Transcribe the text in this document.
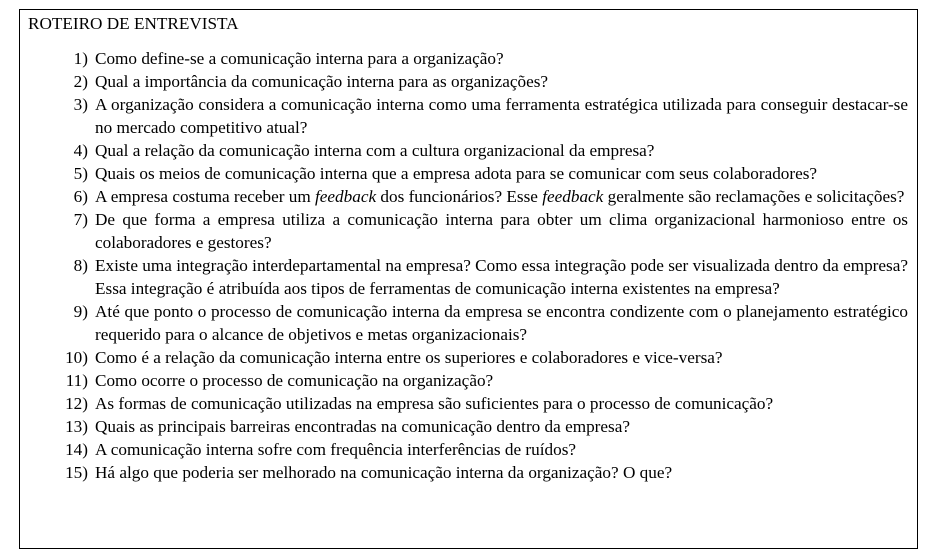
ROTEIRO DE ENTREVISTA
1) Como define-se a comunicação interna para a organização?
2) Qual a importância da comunicação interna para as organizações?
3) A organização considera a comunicação interna como uma ferramenta estratégica utilizada para conseguir destacar-se no mercado competitivo atual?
4) Qual a relação da comunicação interna com a cultura organizacional da empresa?
5) Quais os meios de comunicação interna que a empresa adota para se comunicar com seus colaboradores?
6) A empresa costuma receber um feedback dos funcionários? Esse feedback geralmente são reclamações e solicitações?
7) De que forma a empresa utiliza a comunicação interna para obter um clima organizacional harmonioso entre os colaboradores e gestores?
8) Existe uma integração interdepartamental na empresa? Como essa integração pode ser visualizada dentro da empresa? Essa integração é atribuída aos tipos de ferramentas de comunicação interna existentes na empresa?
9) Até que ponto o processo de comunicação interna da empresa se encontra condizente com o planejamento estratégico requerido para o alcance de objetivos e metas organizacionais?
10) Como é a relação da comunicação interna entre os superiores e colaboradores e vice-versa?
11) Como ocorre o processo de comunicação na organização?
12) As formas de comunicação utilizadas na empresa são suficientes para o processo de comunicação?
13) Quais as principais barreiras encontradas na comunicação dentro da empresa?
14) A comunicação interna sofre com frequência interferências de ruídos?
15) Há algo que poderia ser melhorado na comunicação interna da organização? O que?
